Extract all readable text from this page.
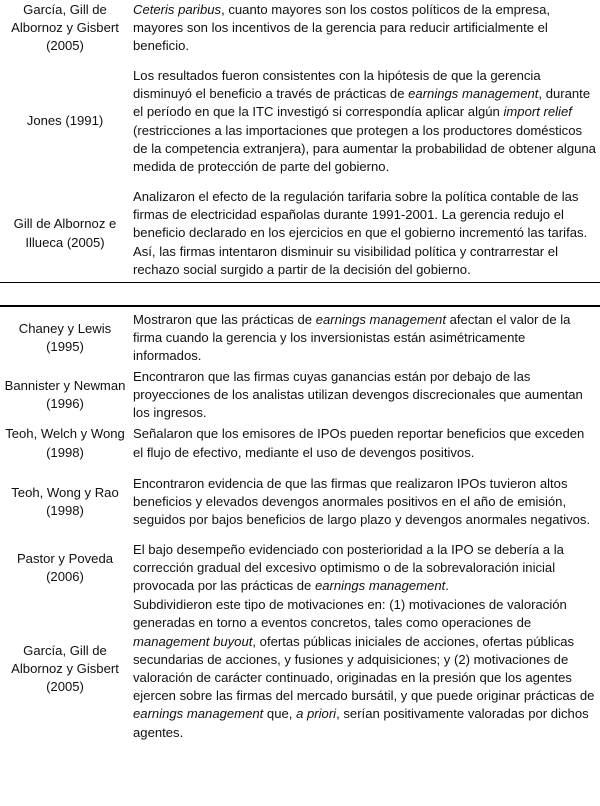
García, Gill de Albornoz y Gisbert (2005)
Ceteris paribus, cuanto mayores son los costos políticos de la empresa, mayores son los incentivos de la gerencia para reducir artificialmente el beneficio.
Jones (1991)
Los resultados fueron consistentes con la hipótesis de que la gerencia disminuyó el beneficio a través de prácticas de earnings management, durante el período en que la ITC investigó si correspondía aplicar algún import relief (restricciones a las importaciones que protegen a los productores domésticos de la competencia extranjera), para aumentar la probabilidad de obtener alguna medida de protección de parte del gobierno.
Gill de Albornoz e Illueca (2005)
Analizaron el efecto de la regulación tarifaria sobre la política contable de las firmas de electricidad españolas durante 1991-2001. La gerencia redujo el beneficio declarado en los ejercicios en que el gobierno incrementó las tarifas. Así, las firmas intentaron disminuir su visibilidad política y contrarrestar el rechazo social surgido a partir de la decisión del gobierno.
Chaney y Lewis (1995)
Mostraron que las prácticas de earnings management afectan el valor de la firma cuando la gerencia y los inversionistas están asimétricamente informados.
Bannister y Newman (1996)
Encontraron que las firmas cuyas ganancias están por debajo de las proyecciones de los analistas utilizan devengos discrecionales que aumentan los ingresos.
Teoh, Welch y Wong (1998)
Señalaron que los emisores de IPOs pueden reportar beneficios que exceden el flujo de efectivo, mediante el uso de devengos positivos.
Teoh, Wong y Rao (1998)
Encontraron evidencia de que las firmas que realizaron IPOs tuvieron altos beneficios y elevados devengos anormales positivos en el año de emisión, seguidos por bajos beneficios de largo plazo y devengos anormales negativos.
Pastor y Poveda (2006)
El bajo desempeño evidenciado con posterioridad a la IPO se debería a la corrección gradual del excesivo optimismo o de la sobrevaloración inicial provocada por las prácticas de earnings management.
García, Gill de Albornoz y Gisbert (2005)
Subdividieron este tipo de motivaciones en: (1) motivaciones de valoración generadas en torno a eventos concretos, tales como operaciones de management buyout, ofertas públicas iniciales de acciones, ofertas públicas secundarias de acciones, y fusiones y adquisiciones; y (2) motivaciones de valoración de carácter continuado, originadas en la presión que los agentes ejercen sobre las firmas del mercado bursátil, y que puede originar prácticas de earnings management que, a priori, serían positivamente valoradas por dichos agentes.
